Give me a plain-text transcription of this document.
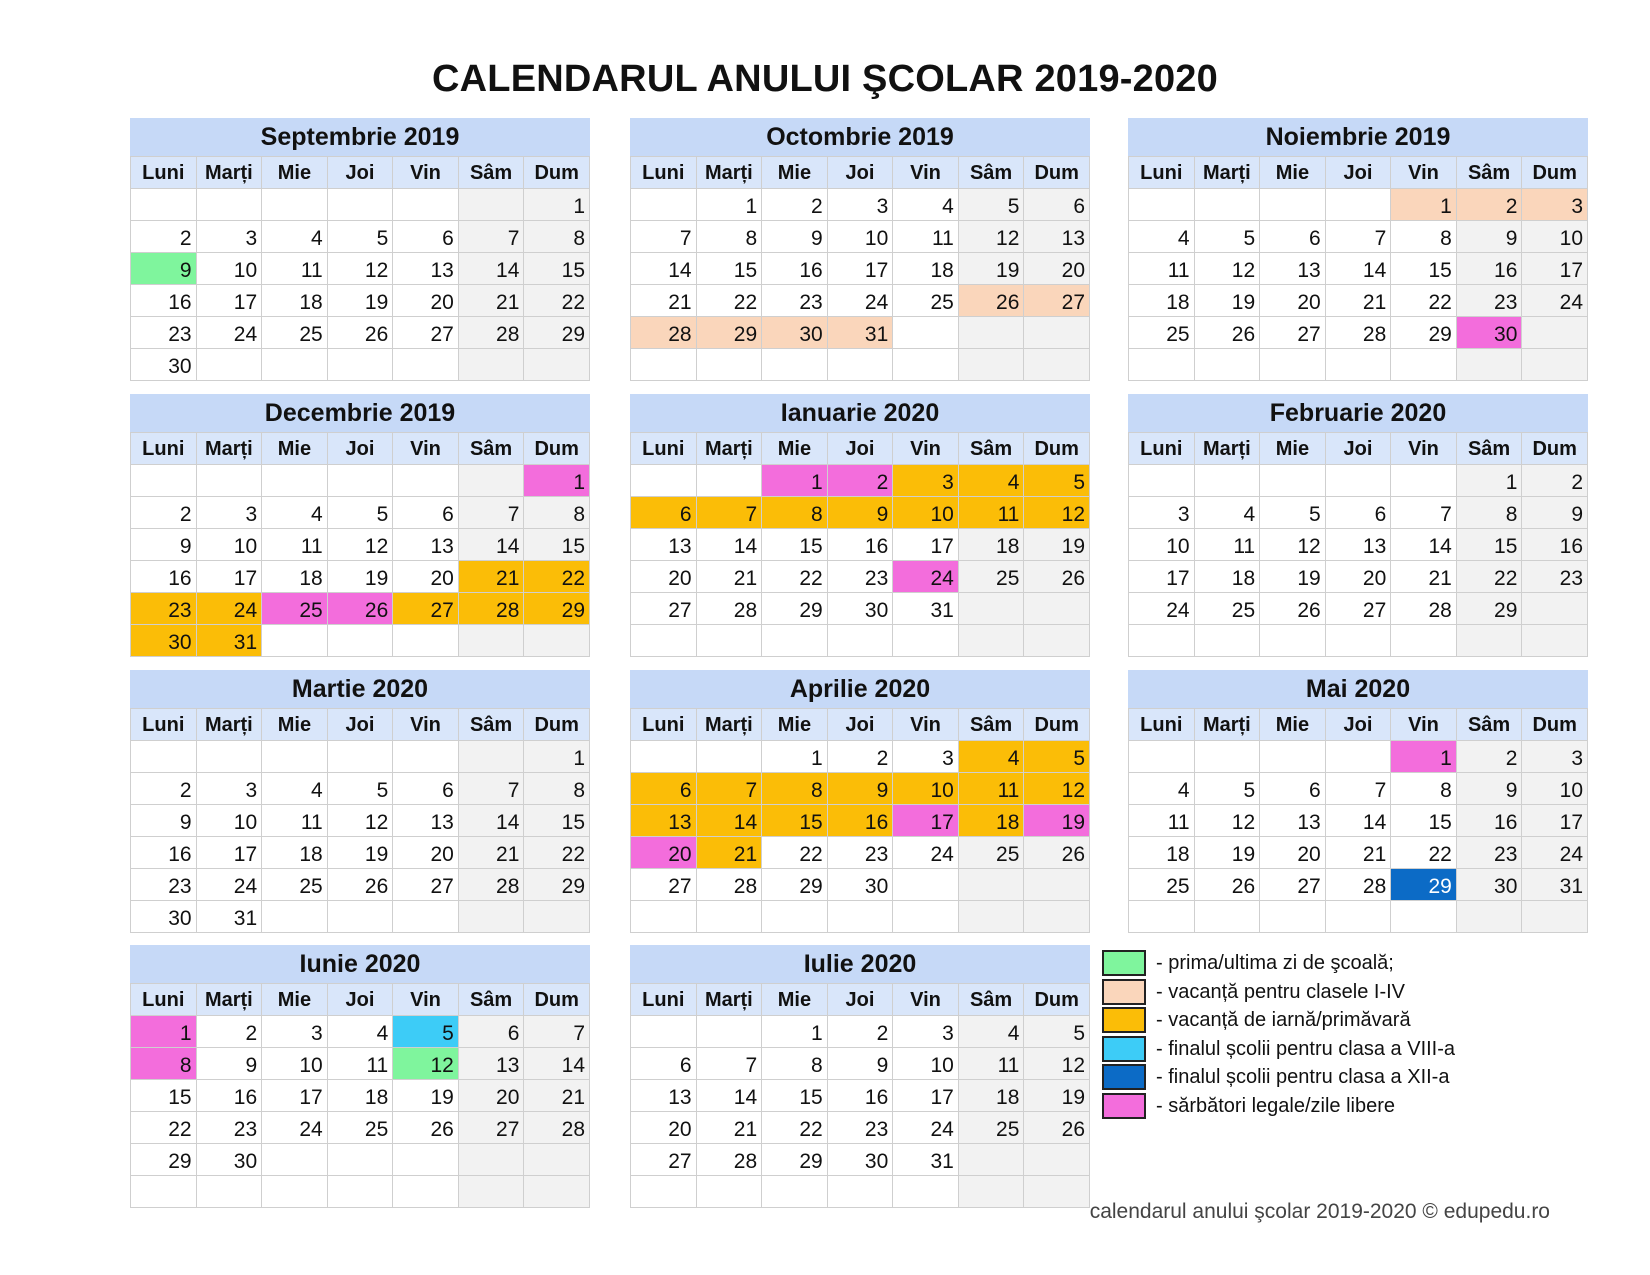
CALENDARUL ANULUI ŞCOLAR 2019-2020
Septembrie 2019
Luni	Marți	Mie	Joi	Vin	Sâm	Dum
						1
2	3	4	5	6	7	8
9	10	11	12	13	14	15
16	17	18	19	20	21	22
23	24	25	26	27	28	29
30						
Octombrie 2019
Luni	Marți	Mie	Joi	Vin	Sâm	Dum
	1	2	3	4	5	6
7	8	9	10	11	12	13
14	15	16	17	18	19	20
21	22	23	24	25	26	27
28	29	30	31			

Noiembrie 2019
Luni	Marți	Mie	Joi	Vin	Sâm	Dum
				1	2	3
4	5	6	7	8	9	10
11	12	13	14	15	16	17
18	19	20	21	22	23	24
25	26	27	28	29	30	

Decembrie 2019
Luni	Marți	Mie	Joi	Vin	Sâm	Dum
						1
2	3	4	5	6	7	8
9	10	11	12	13	14	15
16	17	18	19	20	21	22
23	24	25	26	27	28	29
30	31					
Ianuarie 2020
Luni	Marți	Mie	Joi	Vin	Sâm	Dum
		1	2	3	4	5
6	7	8	9	10	11	12
13	14	15	16	17	18	19
20	21	22	23	24	25	26
27	28	29	30	31		

Februarie 2020
Luni	Marți	Mie	Joi	Vin	Sâm	Dum
					1	2
3	4	5	6	7	8	9
10	11	12	13	14	15	16
17	18	19	20	21	22	23
24	25	26	27	28	29	

Martie 2020
Luni	Marți	Mie	Joi	Vin	Sâm	Dum
						1
2	3	4	5	6	7	8
9	10	11	12	13	14	15
16	17	18	19	20	21	22
23	24	25	26	27	28	29
30	31					
Aprilie 2020
Luni	Marți	Mie	Joi	Vin	Sâm	Dum
		1	2	3	4	5
6	7	8	9	10	11	12
13	14	15	16	17	18	19
20	21	22	23	24	25	26
27	28	29	30			

Mai 2020
Luni	Marți	Mie	Joi	Vin	Sâm	Dum
				1	2	3
4	5	6	7	8	9	10
11	12	13	14	15	16	17
18	19	20	21	22	23	24
25	26	27	28	29	30	31

Iunie 2020
Luni	Marți	Mie	Joi	Vin	Sâm	Dum
1	2	3	4	5	6	7
8	9	10	11	12	13	14
15	16	17	18	19	20	21
22	23	24	25	26	27	28
29	30					

Iulie 2020
Luni	Marți	Mie	Joi	Vin	Sâm	Dum
		1	2	3	4	5
6	7	8	9	10	11	12
13	14	15	16	17	18	19
20	21	22	23	24	25	26
27	28	29	30	31		

- prima/ultima zi de şcoală;
- vacanță pentru clasele I-IV
- vacanță de iarnă/primăvară
- finalul școlii pentru clasa a VIII-a
- finalul școlii pentru clasa a XII-a
- sărbători legale/zile libere
calendarul anului şcolar 2019-2020 © edupedu.ro
